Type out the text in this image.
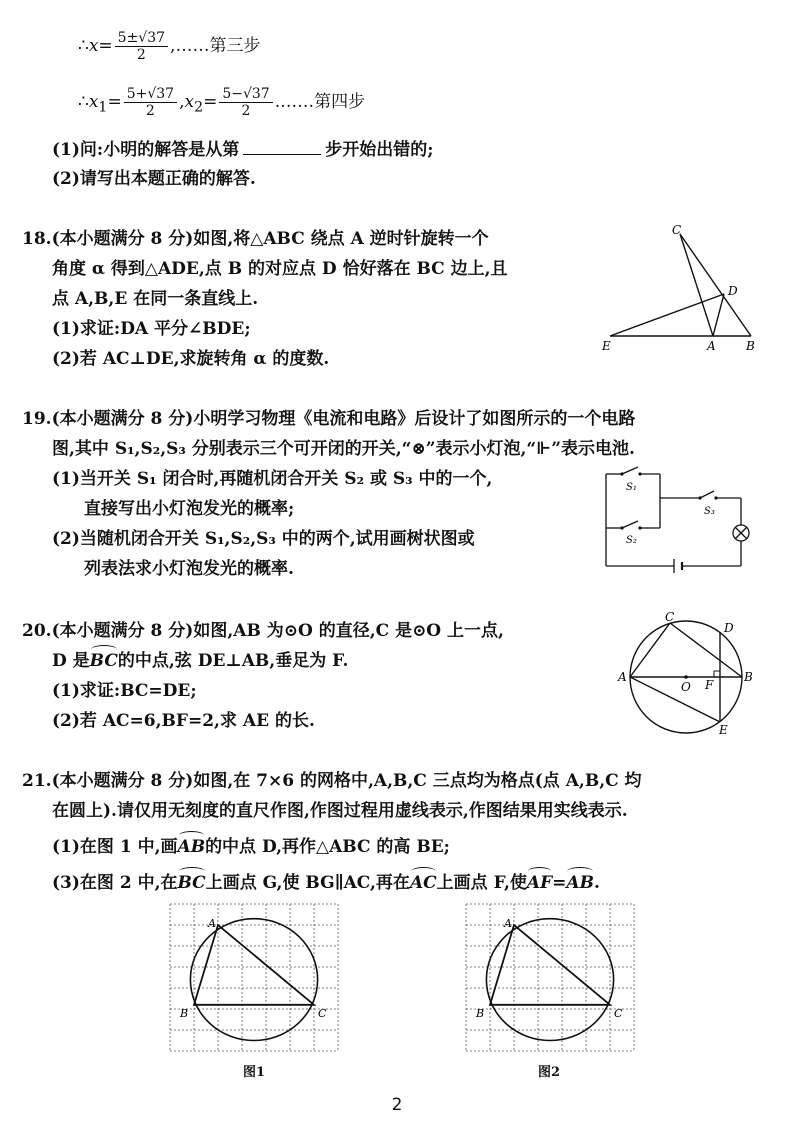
∴x= $\frac{5\pm√37}{2}$ ,……第三步
$\therefore x_1= \frac{5+√37}{2} ,x_2= \frac{5-√37}{2}$ .……第四步
(1)问:小明的解答是从第	步开始出错的;
(2)请写出本题正确的解答.
18.(本小题满分 8 分)如图,将△ABC 绕点 A 逆时针旋转一个
角度 α 得到△ADE,点 B 的对应点 D 恰好落在 BC 边上,且
点 A,B,E 在同一条直线上.
(1)求证:DA 平分∠BDE;
(2)若 AC⊥DE,求旋转角 α 的度数.
C
D
E	A	B
19.(本小题满分 8 分)小明学习物理《电流和电路》后设计了如图所示的一个电路
图,其中 S₁,S₂,S₃ 分别表示三个可开闭的开关,“⊗”表示小灯泡,“⊩”表示电池.
(1)当开关 S₁ 闭合时,再随机闭合开关 S₂ 或 S₃ 中的一个,
直接写出小灯泡发光的概率;
(2)当随机闭合开关 S₁,S₂,S₃ 中的两个,试用画树状图或
列表法求小灯泡发光的概率.
S₁
S₂
S₃
20.(本小题满分 8 分)如图,AB 为⊙O 的直径,C 是⊙O 上一点,
D 是BC的中点,弦 DE⊥AB,垂足为 F.
(1)求证:BC=DE;
(2)若 AC=6,BF=2,求 AE 的长.
C
D
A
O F
B
E
21.(本小题满分 8 分)如图,在 7×6 的网格中,A,B,C 三点均为格点(点 A,B,C 均
在圆上).请仅用无刻度的直尺作图,作图过程用虚线表示,作图结果用实线表示.
(1)在图 1 中,画AB的中点 D,再作△ABC 的高 BE;
(3)在图 2 中,在BC上画点 G,使 BG∥AC,再在AC上画点 F,使AF=AB.
A
B	C
A
B	C
图1	图2
2
